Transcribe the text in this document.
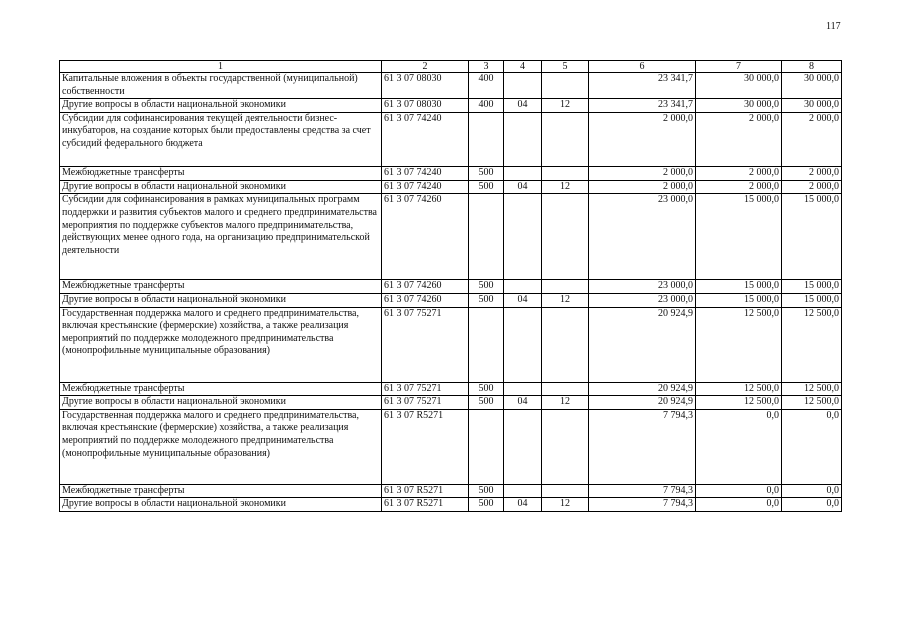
117
1	2	3	4	5	6	7	8
Капитальные вложения в объекты государственной (муниципальной) собственности	61 3 07 08030	400			23 341,7	30 000,0	30 000,0
Другие вопросы в области национальной экономики	61 3 07 08030	400	04	12	23 341,7	30 000,0	30 000,0
Субсидии для софинансирования текущей деятельности бизнес-инкубаторов, на создание которых были предоставлены средства за счет субсидий федерального бюджета	61 3 07 74240				2 000,0	2 000,0	2 000,0
Межбюджетные трансферты	61 3 07 74240	500			2 000,0	2 000,0	2 000,0
Другие вопросы в области национальной экономики	61 3 07 74240	500	04	12	2 000,0	2 000,0	2 000,0
Субсидии для софинансирования в рамках муниципальных программ поддержки и развития субъектов малого и среднего предпринимательства мероприятия по поддержке субъектов малого предпринимательства, действующих менее одного года, на организацию предпринимательской деятельности	61 3 07 74260				23 000,0	15 000,0	15 000,0
Межбюджетные трансферты	61 3 07 74260	500			23 000,0	15 000,0	15 000,0
Другие вопросы в области национальной экономики	61 3 07 74260	500	04	12	23 000,0	15 000,0	15 000,0
Государственная поддержка малого и среднего предпринимательства, включая крестьянские (фермерские) хозяйства, а также реализация мероприятий по поддержке молодежного предпринимательства (монопрофильные муниципальные образования)	61 3 07 75271				20 924,9	12 500,0	12 500,0
Межбюджетные трансферты	61 3 07 75271	500			20 924,9	12 500,0	12 500,0
Другие вопросы в области национальной экономики	61 3 07 75271	500	04	12	20 924,9	12 500,0	12 500,0
Государственная поддержка малого и среднего предпринимательства, включая крестьянские (фермерские) хозяйства, а также реализация мероприятий по поддержке молодежного предпринимательства (монопрофильные муниципальные образования)	61 3 07 R5271				7 794,3	0,0	0,0
Межбюджетные трансферты	61 3 07 R5271	500			7 794,3	0,0	0,0
Другие вопросы в области национальной экономики	61 3 07 R5271	500	04	12	7 794,3	0,0	0,0
